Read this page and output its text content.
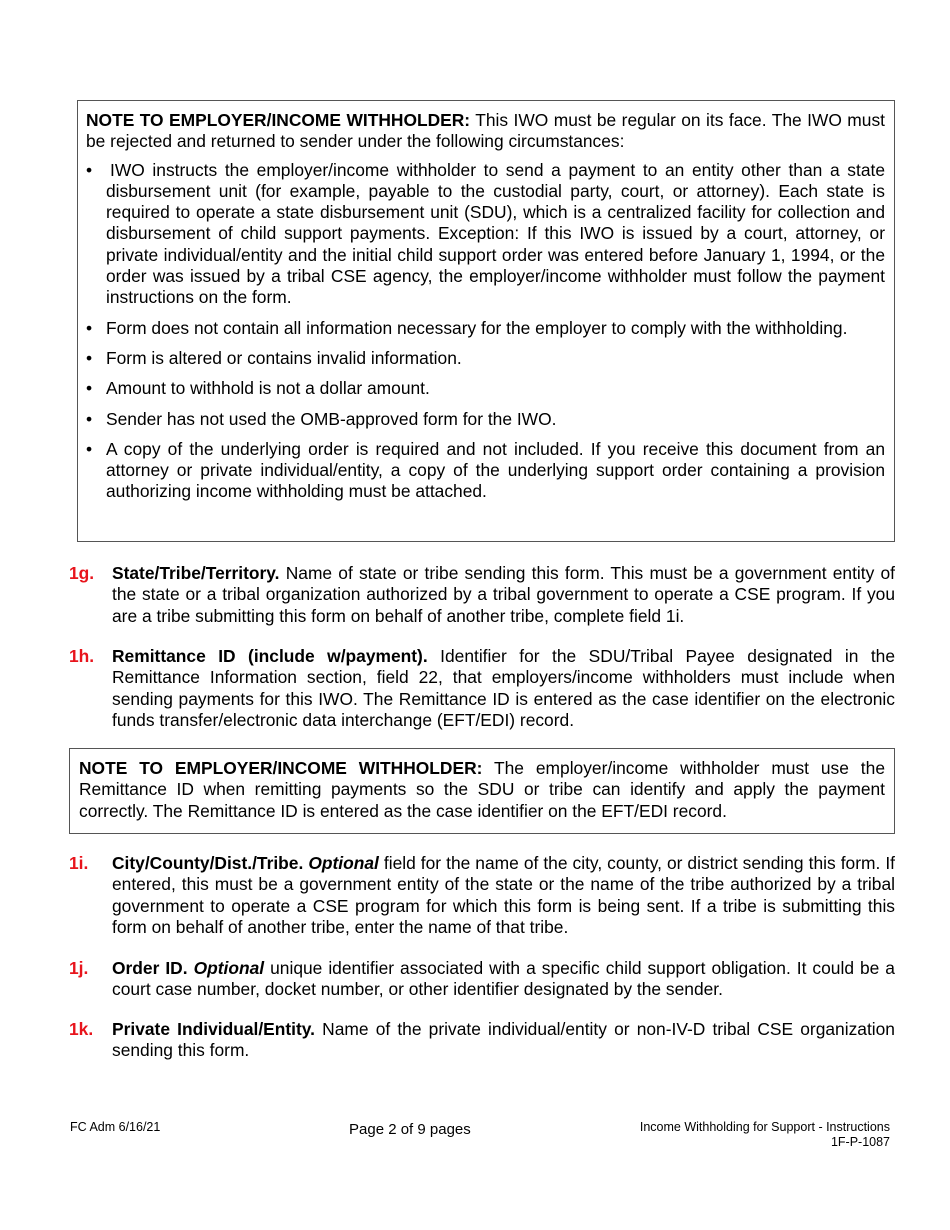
NOTE TO EMPLOYER/INCOME WITHHOLDER: This IWO must be regular on its face. The IWO must be rejected and returned to sender under the following circumstances:

• IWO instructs the employer/income withholder to send a payment to an entity other than a state disbursement unit (for example, payable to the custodial party, court, or attorney). Each state is required to operate a state disbursement unit (SDU), which is a centralized facility for collection and disbursement of child support payments. Exception: If this IWO is issued by a court, attorney, or private individual/entity and the initial child support order was entered before January 1, 1994, or the order was issued by a tribal CSE agency, the employer/income withholder must follow the payment instructions on the form.
• Form does not contain all information necessary for the employer to comply with the withholding.
• Form is altered or contains invalid information.
• Amount to withhold is not a dollar amount.
• Sender has not used the OMB-approved form for the IWO.
• A copy of the underlying order is required and not included. If you receive this document from an attorney or private individual/entity, a copy of the underlying support order containing a provision authorizing income withholding must be attached.
1g. State/Tribe/Territory. Name of state or tribe sending this form. This must be a government entity of the state or a tribal organization authorized by a tribal government to operate a CSE program. If you are a tribe submitting this form on behalf of another tribe, complete field 1i.
1h. Remittance ID (include w/payment). Identifier for the SDU/Tribal Payee designated in the Remittance Information section, field 22, that employers/income withholders must include when sending payments for this IWO. The Remittance ID is entered as the case identifier on the electronic funds transfer/electronic data interchange (EFT/EDI) record.
NOTE TO EMPLOYER/INCOME WITHHOLDER: The employer/income withholder must use the Remittance ID when remitting payments so the SDU or tribe can identify and apply the payment correctly. The Remittance ID is entered as the case identifier on the EFT/EDI record.
1i. City/County/Dist./Tribe. Optional field for the name of the city, county, or district sending this form. If entered, this must be a government entity of the state or the name of the tribe authorized by a tribal government to operate a CSE program for which this form is being sent. If a tribe is submitting this form on behalf of another tribe, enter the name of that tribe.
1j. Order ID. Optional unique identifier associated with a specific child support obligation. It could be a court case number, docket number, or other identifier designated by the sender.
1k. Private Individual/Entity. Name of the private individual/entity or non-IV-D tribal CSE organization sending this form.
FC Adm 6/16/21	Page 2 of 9 pages	Income Withholding for Support - Instructions
1F-P-1087
